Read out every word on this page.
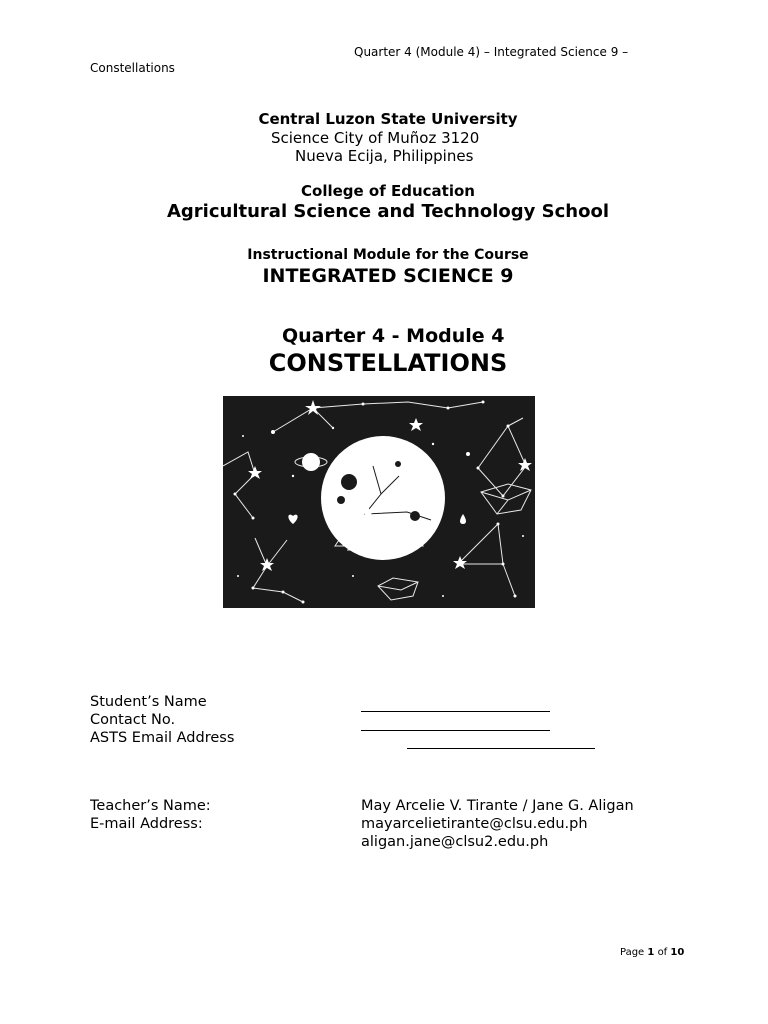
Quarter 4 (Module 4) – Integrated Science 9 –
Constellations
Central Luzon State University
Science City of Muñoz 3120
Nueva Ecija, Philippines
College of Education
Agricultural Science and Technology School
Instructional Module for the Course
INTEGRATED SCIENCE 9
Quarter 4 - Module 4
CONSTELLATIONS
Student’s Name
Contact No.
ASTS Email Address
Teacher’s Name:	May Arcelie V. Tirante / Jane G. Aligan
E-mail Address:	mayarcelietirante@clsu.edu.ph
aligan.jane@clsu2.edu.ph
Page 1 of 10
